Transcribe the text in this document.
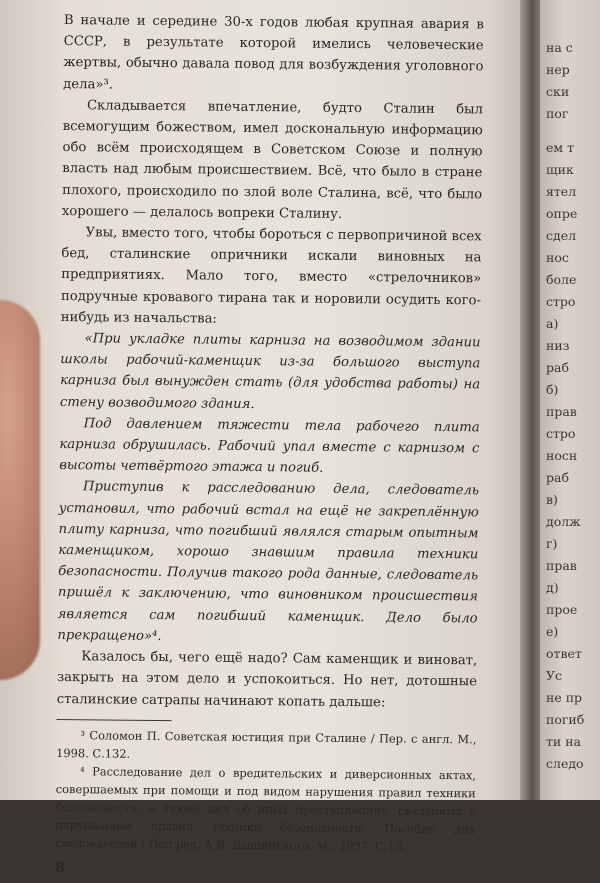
В начале и середине 30-х годов любая крупная авария в СССР, в результате которой имелись человеческие жертвы, обычно давала повод для возбуждения уголовного дела»³.

Складывается впечатление, будто Сталин был всемогущим божеством, имел доскональную информацию обо всём происходящем в Советском Союзе и полную власть над любым происшествием. Всё, что было в стране плохого, происходило по злой воле Сталина, всё, что было хорошего — делалось вопреки Сталину.

Увы, вместо того, чтобы бороться с первопричиной всех бед, сталинские опричники искали виновных на предприятиях. Мало того, вместо «стрелочников» подручные кровавого тирана так и норовили осудить кого-нибудь из начальства:

«При укладке плиты карниза на возводимом здании школы рабочий-каменщик из-за большого выступа карниза был вынужден стать (для удобства работы) на стену возводимого здания.

Под давлением тяжести тела рабочего плита карниза обрушилась. Рабочий упал вместе с карнизом с высоты четвёртого этажа и погиб.

Приступив к расследованию дела, следователь установил, что рабочий встал на ещё не закреплённую плиту карниза, что погибший являлся старым опытным каменщиком, хорошо знавшим правила техники безопасности. Получив такого рода данные, следователь пришёл к заключению, что виновником происшествия является сам погибший каменщик. Дело было прекращено»⁴.

Казалось бы, чего ещё надо? Сам каменщик и виноват, закрыть на этом дело и успокоиться. Но нет, дотошные сталинские сатрапы начинают копать дальше:

³ Соломон П. Советская юстиция при Сталине / Пер. с англ. М., 1998. С.132.

⁴ Расследование дел о вредительских и диверсионных актах, совершаемых при помощи и под видом нарушения правил техники безопасности, а также дел об иных преступлениях, связанных с нарушением правил техники безопасности. Пособие для следователей / Под ред. А.Я. Вышинского. М., 1937. С.13.

8
на с
нер
ски
пог
ем т
щик
ятел
опре
сдел
нос
боле
стро
а)
низ
раб
б)
прав
стро
носн
раб
в)
долж
г)
прав
д)
прое
е)
ответ
Ус
не пр
погиб
ти на
следо
